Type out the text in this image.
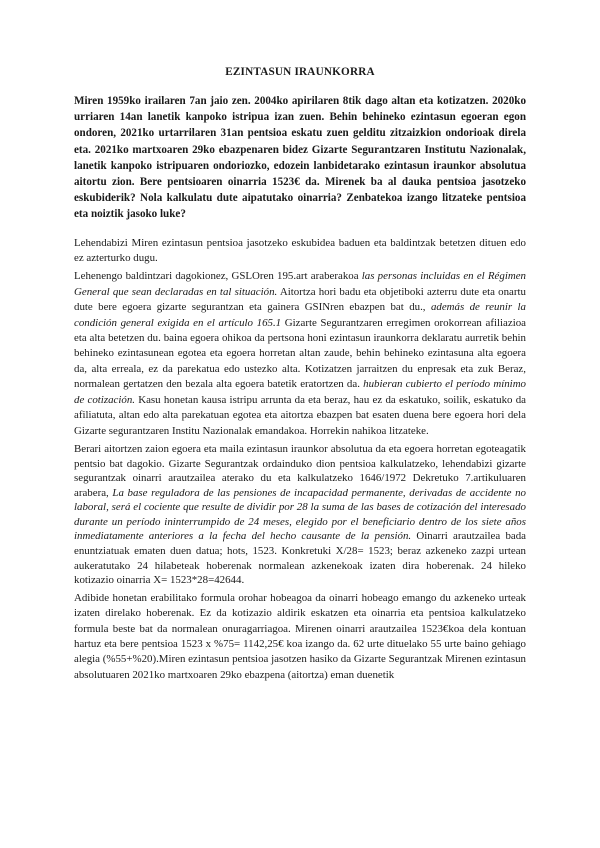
EZINTASUN IRAUNKORRA
Miren 1959ko irailaren 7an jaio zen. 2004ko apirilaren 8tik dago altan eta kotizatzen. 2020ko urriaren 14an lanetik kanpoko istripua izan zuen. Behin behineko ezintasun egoeran egon ondoren, 2021ko urtarrilaren 31an pentsioa eskatu zuen gelditu zitzaizkion ondorioak direla eta. 2021ko martxoaren 29ko ebazpenaren bidez Gizarte Segurantzaren Institutu Nazionalak, lanetik kanpoko istripuaren ondoriozko, edozein lanbidetarako ezintasun iraunkor absolutua aitortu zion. Bere pentsioaren oinarria 1523€ da. Mirenek ba al dauka pentsioa jasotzeko eskubiderik? Nola kalkulatu dute aipatutako oinarria? Zenbatekoa izango litzateke pentsioa eta noiztik jasoko luke?
Lehendabizi Miren ezintasun pentsioa jasotzeko eskubidea baduen eta baldintzak betetzen dituen edo ez azterturko dugu.
Lehenengo baldintzari dagokionez, GSLOren 195.art araberakoa las personas incluidas en el Régimen General que sean declaradas en tal situación. Aitortza hori badu eta objetiboki azterru dute eta onartu dute bere egoera gizarte segurantzan eta gainera GSINren ebazpen bat du., además de reunir la condición general exigida en el artículo 165.1 Gizarte Segurantzaren erregimen orokorrean afiliazioa eta alta betetzen du. baina egoera ohikoa da pertsona honi ezintasun iraunkorra deklaratu aurretik behin behineko ezintasunean egotea eta egoera horretan altan zaude, behin behineko ezintasuna alta egoera da, alta erreala, ez da parekatua edo ustezko alta. Kotizatzen jarraitzen du enpresak eta zuk Beraz, normalean gertatzen den bezala alta egoera batetik eratortzen da. hubieran cubierto el período mínimo de cotización. Kasu honetan kausa istripu arrunta da eta beraz, hau ez da eskatuko, soilik, eskatuko da afiliatuta, altan edo alta parekatuan egotea eta aitortza ebazpen bat esaten duena bere egoera hori dela Gizarte segurantzaren Institu Nazionalak emandakoa. Horrekin nahikoa litzateke.
Berari aitortzen zaion egoera eta maila ezintasun iraunkor absolutua da eta egoera horretan egoteagatik pentsio bat dagokio. Gizarte Segurantzak ordainduko dion pentsioa kalkulatzeko, lehendabizi gizarte segurantzak oinarri arautzailea aterako du eta kalkulatzeko 1646/1972 Dekretuko 7.artikuluaren arabera, La base reguladora de las pensiones de incapacidad permanente, derivadas de accidente no laboral, será el cociente que resulte de dividir por 28 la suma de las bases de cotización del interesado durante un período ininterrumpido de 24 meses, elegido por el beneficiario dentro de los siete años inmediatamente anteriores a la fecha del hecho causante de la pensión. Oinarri arautzailea bada enuntziatuak ematen duen datua; hots, 1523. Konkretuki X/28= 1523; beraz azkeneko zazpi urtean aukeratutako 24 hilabeteak hoberenak normalean azkenekoak izaten dira hoberenak. 24 hileko kotizazio oinarria X= 1523*28=42644.
Adibide honetan erabilitako formula orohar hobeagoa da oinarri hobeago emango du azkeneko urteak izaten direlako hoberenak. Ez da kotizazio aldirik eskatzen eta oinarria eta pentsioa kalkulatzeko formula beste bat da normalean onuragarriagoa. Mirenen oinarri arautzailea 1523€koa dela kontuan hartuz eta bere pentsioa 1523 x %75= 1142,25€ koa izango da. 62 urte dituelako 55 urte baino gehiago alegia (%55+%20).Miren ezintasun pentsioa jasotzen hasiko da Gizarte Segurantzak Mirenen ezintasun absolutuaren 2021ko martxoaren 29ko ebazpena (aitortza) eman duenetik
